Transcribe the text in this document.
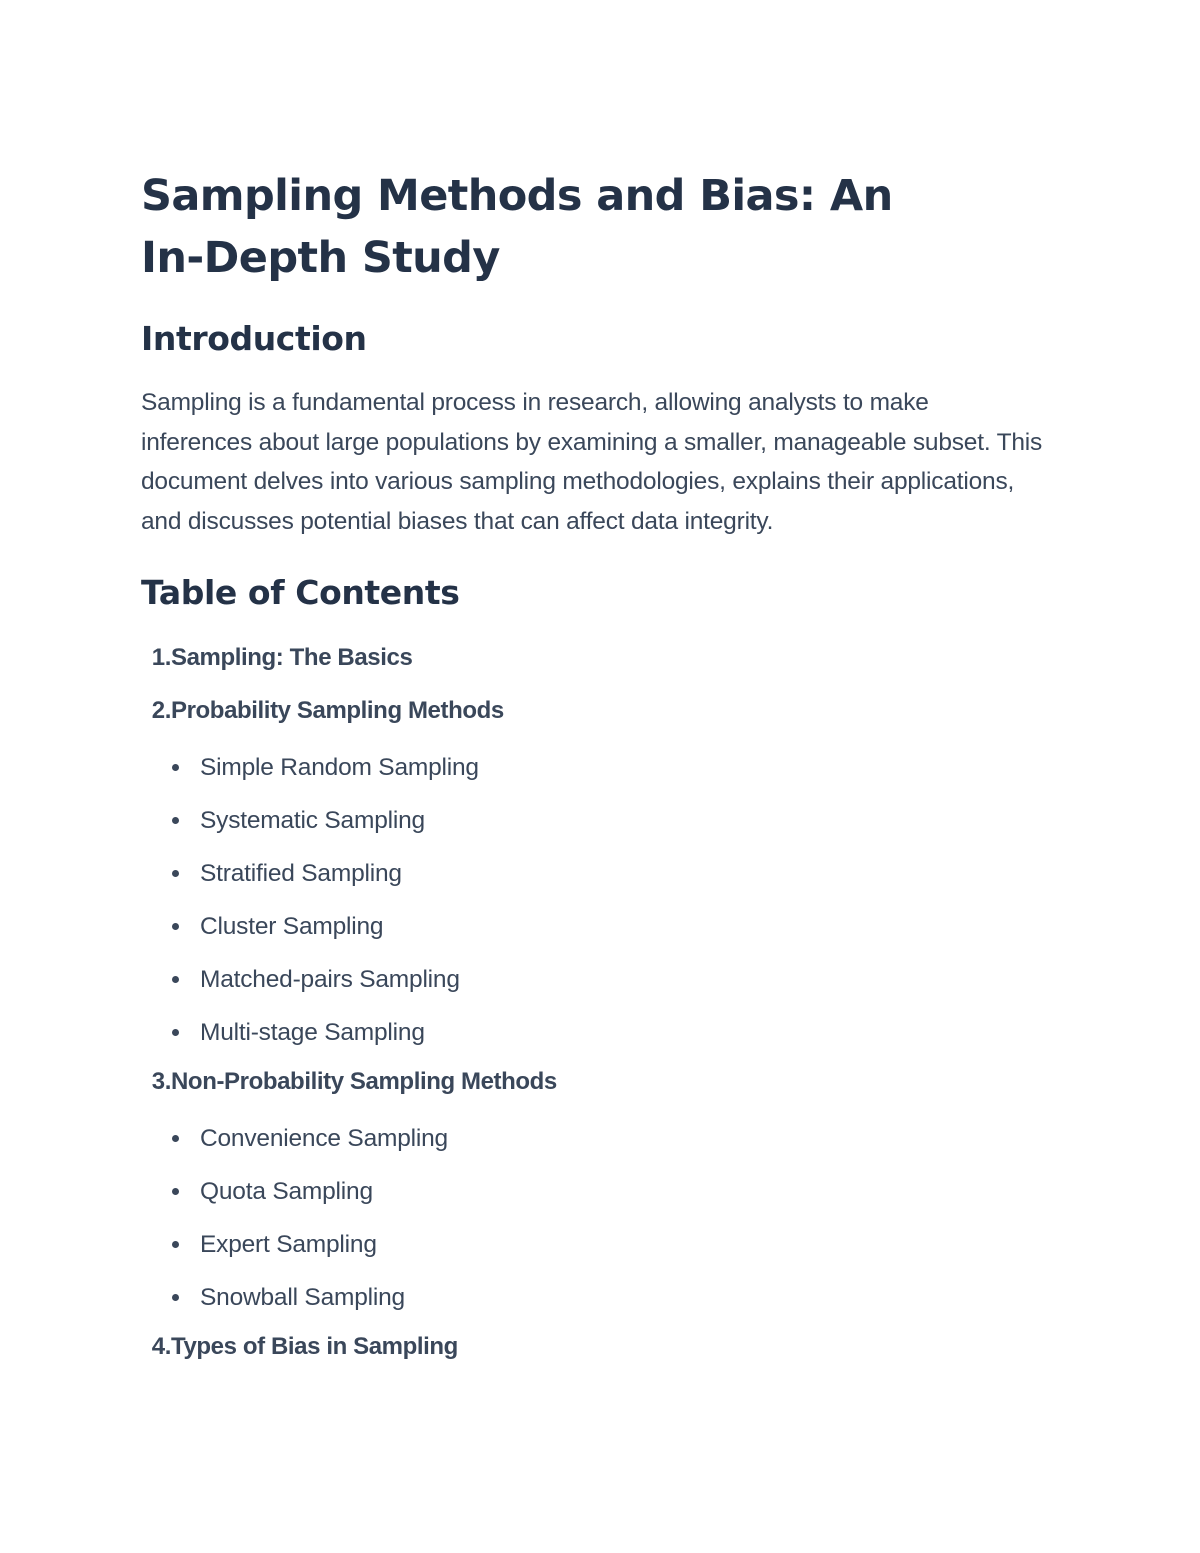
Sampling Methods and Bias: An In-Depth Study
Introduction

Sampling is a fundamental process in research, allowing analysts to make inferences about large populations by examining a smaller, manageable subset. This document delves into various sampling methodologies, explains their applications, and discusses potential biases that can affect data integrity.

Table of Contents
1. Sampling: The Basics
2. Probability Sampling Methods
Simple Random Sampling
Systematic Sampling
Stratified Sampling
Cluster Sampling
Matched-pairs Sampling
Multi-stage Sampling
3. Non-Probability Sampling Methods
Convenience Sampling
Quota Sampling
Expert Sampling
Snowball Sampling
4. Types of Bias in Sampling
